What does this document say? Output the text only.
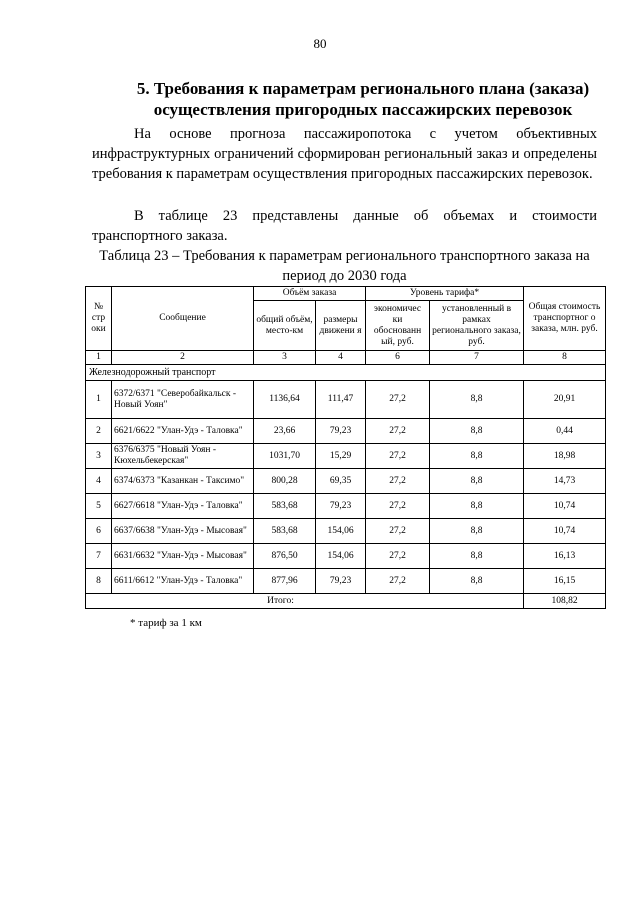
80
5. Требования к параметрам регионального плана (заказа) осуществления пригородных пассажирских перевозок

На основе прогноза пассажиропотока с учетом объективных инфраструктурных ограничений сформирован региональный заказ и определены требования к параметрам осуществления пригородных пассажирских перевозок.

В таблице 23 представлены данные об объемах и стоимости транспортного заказа.

Таблица 23 – Требования к параметрам регионального транспортного заказа на период до 2030 года
№ стр оки	Сообщение	Объём заказа		Уровень тарифа*		Общая стоимость транспортног о заказа, млн. руб.
		общий объём, место-км	размеры движени я	экономичес ки обоснованн ый, руб.	установленный в рамках регионального заказа, руб.	
1	2	3	4	6	7	8
Железнодорожный транспорт						
1	6372/6371 "Северобайкальск - Новый Уоян"	1136,64	111,47	27,2	8,8	20,91
2	6621/6622 "Улан-Удэ - Таловка"	23,66	79,23	27,2	8,8	0,44
3	6376/6375 "Новый Уоян - Кюхельбекерская"	1031,70	15,29	27,2	8,8	18,98
4	6374/6373 "Казанкан - Таксимо"	800,28	69,35	27,2	8,8	14,73
5	6627/6618 "Улан-Удэ - Таловка"	583,68	79,23	27,2	8,8	10,74
6	6637/6638 "Улан-Удэ - Мысовая"	583,68	154,06	27,2	8,8	10,74
7	6631/6632 "Улан-Удэ - Мысовая"	876,50	154,06	27,2	8,8	16,13
8	6611/6612 "Улан-Удэ - Таловка"	877,96	79,23	27,2	8,8	16,15
Итого:						108,82
* тариф за 1 км
